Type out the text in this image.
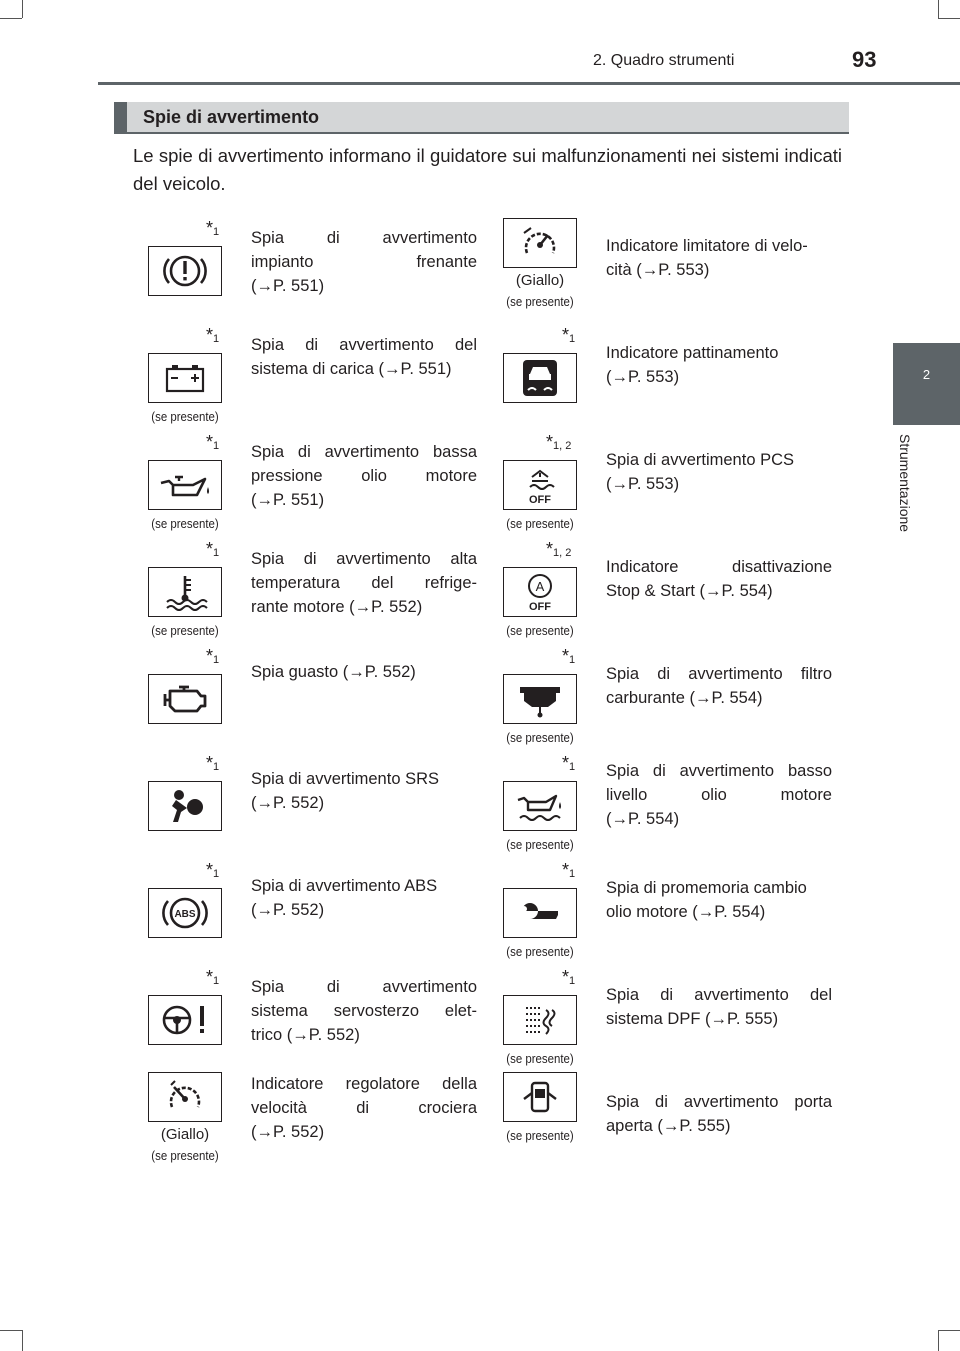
2. Quadro strumenti	93
2
Strumentazione
Spie di avvertimento

Le spie di avvertimento informano il guidatore sui malfunzionamenti nei sistemi indicati del veicolo.

$*_1$ Spia di avvertimento
impianto frenante
(→P. 551)
$*_1$
(se presente)
Spia di avvertimento del
sistema di carica (→P. 551)
$*_1$
(se presente)
Spia di avvertimento bassa
pressione olio motore
(→P. 551)
$*_1$
(se presente)
Spia di avvertimento alta
temperatura del refrige-
rante motore (→P. 552)
$*_1$
Spia guasto (→P. 552)
$*_1$
Spia di avvertimento SRS
(→P. 552)
$*_1$
Spia di avvertimento ABS
(→P. 552)
$*_1$ Spia di avvertimento
sistema servosterzo elet-
trico (→P. 552)
(Giallo)
(se presente)
Indicatore regolatore della
velocità di crociera
(→P. 552)
(Giallo)
(se presente)
Indicatore limitatore di velo-
cità (→P. 553)
$*_1$
Indicatore pattinamento
(→P. 553)
$*_{1, 2}$
(se presente)
Spia di avvertimento PCS
(→P. 553)
$*_{1, 2}$
(se presente)
Indicatore disattivazione
Stop & Start (→P. 554)
$*_1$
(se presente)
Spia di avvertimento filtro
carburante (→P. 554)
$*_1$
(se presente)
Spia di avvertimento basso
livello olio motore
(→P. 554)
$*_1$
(se presente)
Spia di promemoria cambio
olio motore (→P. 554)
$*_1$
(se presente)
Spia di avvertimento del
sistema DPF (→P. 555)
(se presente)
Spia di avvertimento porta
aperta (→P. 555)
